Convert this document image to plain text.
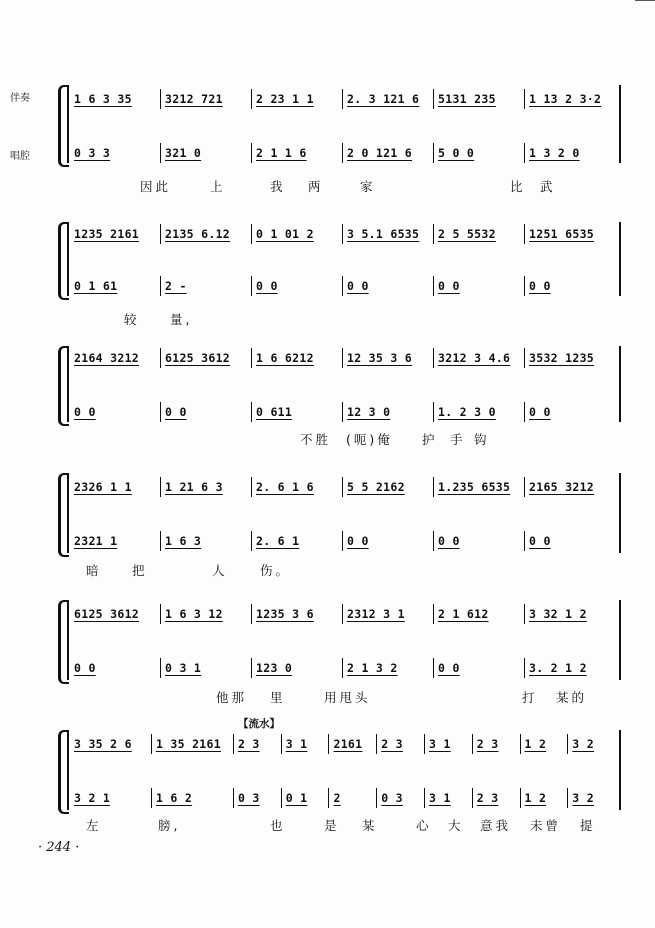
伴奏
唱腔
1 6 3 35	3212 721	2 23 1 1	2. 3 121 6	5131 235	1 13 2 3·2
0 3 3	321 0	2 1 1 6	2 0 121 6	5 0 0	1 3 2 0
因此	上	我 两	家	比 武
1235 2161	2135 6.12	0 1 01 2	3 5.1 6535	2 5 5532	1251 6535
0 1 61	2 -	0 0	0 0	0 0	0 0
较 量,
2164 3212	6125 3612	1 6 6212	12 35 3 6	3212 3 4.6	3532 1235
0 0	0 0	0 611	12 3 0	1. 2 3 0	0 0
不胜 (呃)俺 护 手 钩
2326 1 1	1 21 6 3	2. 6 1 6	5 5 2162	1.235 6535	2165 3212
2321 1	1 6 3	2. 6 1	0 0	0 0	0 0
暗 把	人	伤。
6125 3612	1 6 3 12	1235 3 6	2312 3 1	2 1 612	3 32 1 2
0 0	0 3 1	123 0	2 1 3 2	0 0	3. 2 1 2
他那 里	用甩头	打 某的
【流水】
3 35 2 6	1 35 2161	2 3	3 1	2161	2 3	3 1	2 3	1 2	3 2
3 2 1	1 6 2	0 3	0 1	2	0 3	3 1	2 3	1 2	3 2
左	膀,	也	是 某	心 大 意我 未曾 提
· 244 ·
